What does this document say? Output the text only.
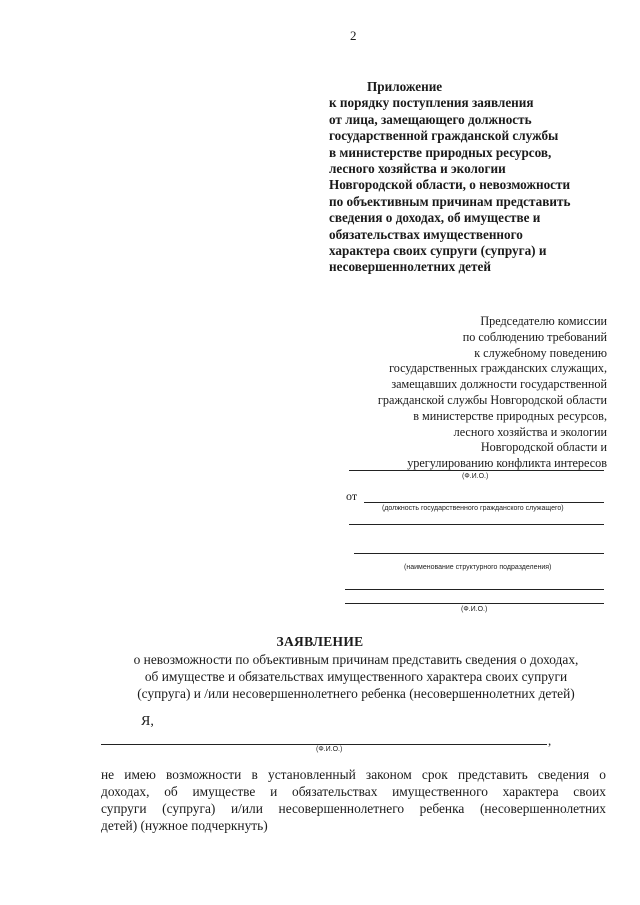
2
Приложение
к порядку поступления заявления
от лица, замещающего должность
государственной гражданской службы
в министерстве природных ресурсов,
лесного хозяйства и экологии
Новгородской области, о невозможности
по объективным причинам представить
сведения о доходах, об имуществе и
обязательствах имущественного
характера своих супруги (супруга) и
несовершеннолетних детей
Председателю комиссии
по соблюдению требований
к служебному поведению
государственных гражданских служащих,
замещавших должности государственной
гражданской службы Новгородской области
в министерстве природных ресурсов,
лесного хозяйства и экологии
Новгородской области и
урегулированию конфликта интересов
(Ф.И.О.)
от
(должность государственного гражданского служащего)
(наименование структурного подразделения)
(Ф.И.О.)
ЗАЯВЛЕНИЕ
о невозможности по объективным причинам представить сведения о доходах,
об имуществе и обязательствах имущественного характера своих супруги
(супруга) и /или несовершеннолетнего ребенка (несовершеннолетних детей)
Я,
,
(Ф.И.О.)
не имею возможности в установленный законом срок представить сведения о
доходах, об имуществе и обязательствах имущественного характера своих
супруги (супруга) и/или несовершеннолетнего ребенка (несовершеннолетних
детей) (нужное подчеркнуть)
